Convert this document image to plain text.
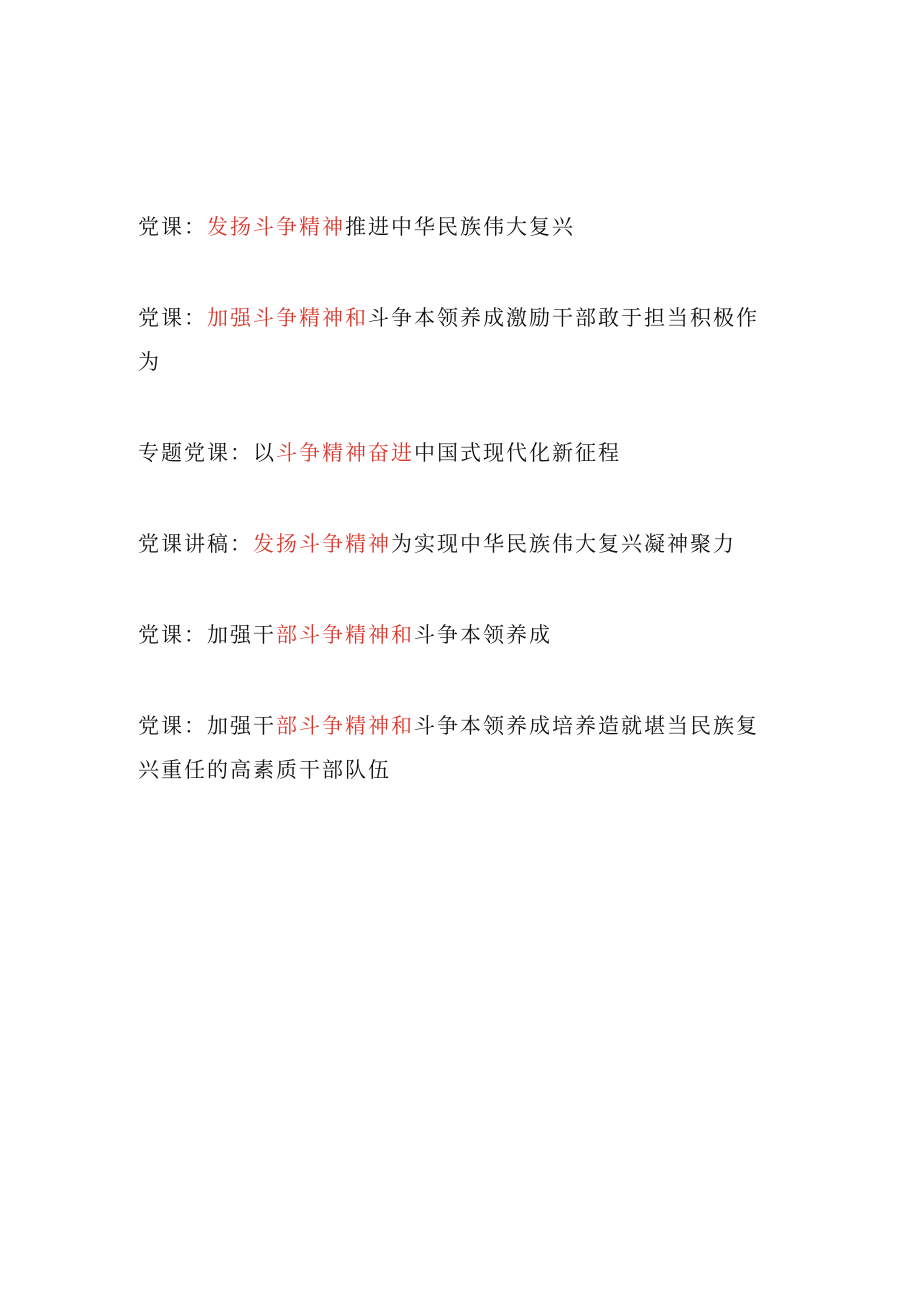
党课：发扬斗争精神推进中华民族伟大复兴

党课：加强斗争精神和斗争本领养成激励干部敢于担当积极作为

专题党课：以斗争精神奋进中国式现代化新征程

党课讲稿：发扬斗争精神为实现中华民族伟大复兴凝神聚力

党课：加强干部斗争精神和斗争本领养成

党课：加强干部斗争精神和斗争本领养成培养造就堪当民族复兴重任的高素质干部队伍
